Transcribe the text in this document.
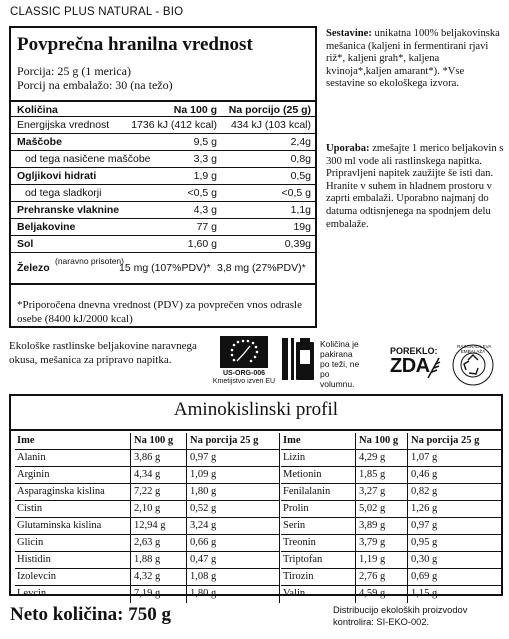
CLASSIC PLUS NATURAL - BIO
Povprečna hranilna vrednost
Porcija: 25 g (1 merica)
Porcij na embalažo: 30 (na težo)
Količina	Na 100 g Na porcijo (25 g)
Energijska vrednost 1736 kJ (412 kcal) 434 kJ (103 kcal)
Maščobe	9,5 g	2,4g
od tega nasičene maščobe	3,3 g	0,8g
Ogljikovi hidrati	1,9 g	0,5g
od tega sladkorji	<0,5 g	<0,5 g
Prehranske vlaknine	4,3 g	1,1g
Beljakovine	77 g	19g
Sol	1,60 g	0,39g
Železo
(naravno prisoten)
15 mg (107%PDV)* 3,8 mg (27%PDV)*
*Priporočena dnevna vrednost (PDV) za povprečen vnos odrasle osebe (8400 kJ/2000 kcal)
Sestavine: unikatna 100% beljakovinska mešanica (kaljeni in fermentirani rjavi riž*, kaljeni grah*, kaljena kvinoja*,kaljen amarant*). *Vse sestavine so ekološkega izvora.
Uporaba: zmešajte 1 merico beljakovin s 300 ml vode ali rastlinskega napitka. Pripravljeni napitek zaužijte še isti dan. Hranite v suhem in hladnem prostoru v zaprti embalaži. Uporabno najmanj do datuma odtisnjenega na spodnjem delu embalaže.
Ekološke rastlinske beljakovine naravnega okusa, mešanica za pripravo napitka.
US-ORG-006
Kmetijstvo izven EU
Količina je pakirana po teži, ne po volumnu.
POREKLO:
ZDA
RAZGRADLJIVA EMBALAŽA
Aminokislinski profil
Ime	Na 100 g Na porcija 25 g
Alanin	3,86 g	0,97 g
Arginin	4,34 g	1,09 g
Asparaginska kislina	7,22 g	1,80 g
Cistin	2,10 g	0,52 g
Glutaminska kislina	12,94 g 3,24 g
Glicin	2,63 g	0,66 g
Histidin	1,88 g	0,47 g
Izolevcin	4,32 g	1,08 g
Levcin	7,19 g	1,80 g
Ime	Na 100 g Na porcija 25 g
Lizin	4,29 g 1,07 g
Metionin	1,85 g 0,46 g
Fenilalanin	3,27 g 0,82 g
Prolin	5,02 g 1,26 g
Serin	3,89 g 0,97 g
Treonin	3,79 g 0,95 g
Triptofan	1,19 g 0,30 g
Tirozin	2,76 g 0,69 g
Valin	4,59 g 1,15 g
Neto količina: 750 g	Distribucijo ekoloških proizvodov kontrolira: SI-EKO-002.
